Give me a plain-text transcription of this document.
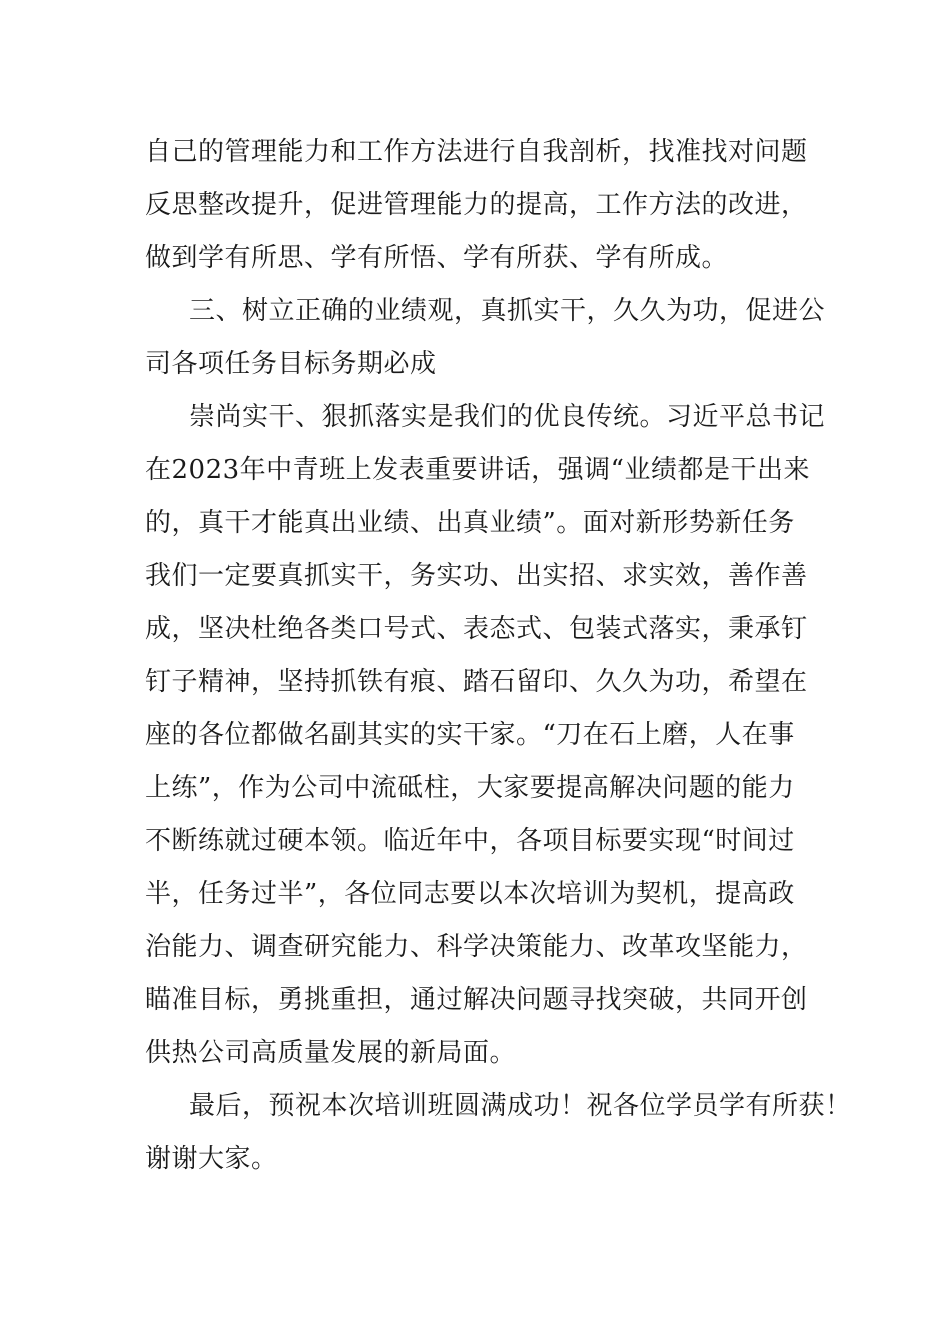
自己的管理能力和工作方法进行自我剖析，找准找对问题
反思整改提升，促进管理能力的提高，工作方法的改进，
做到学有所思、学有所悟、学有所获、学有所成。
三、树立正确的业绩观，真抓实干，久久为功，促进公
司各项任务目标务期必成
崇尚实干、狠抓落实是我们的优良传统。习近平总书记
在2023年中青班上发表重要讲话，强调“业绩都是干出来
的，真干才能真出业绩、出真业绩”。面对新形势新任务
我们一定要真抓实干，务实功、出实招、求实效，善作善
成，坚决杜绝各类口号式、表态式、包装式落实，秉承钉
钉子精神，坚持抓铁有痕、踏石留印、久久为功，希望在
座的各位都做名副其实的实干家。“刀在石上磨，人在事
上练”，作为公司中流砥柱，大家要提高解决问题的能力
不断练就过硬本领。临近年中，各项目标要实现“时间过
半，任务过半”，各位同志要以本次培训为契机，提高政
治能力、调查研究能力、科学决策能力、改革攻坚能力，
瞄准目标，勇挑重担，通过解决问题寻找突破，共同开创
供热公司高质量发展的新局面。
最后，预祝本次培训班圆满成功！祝各位学员学有所获！
谢谢大家。
